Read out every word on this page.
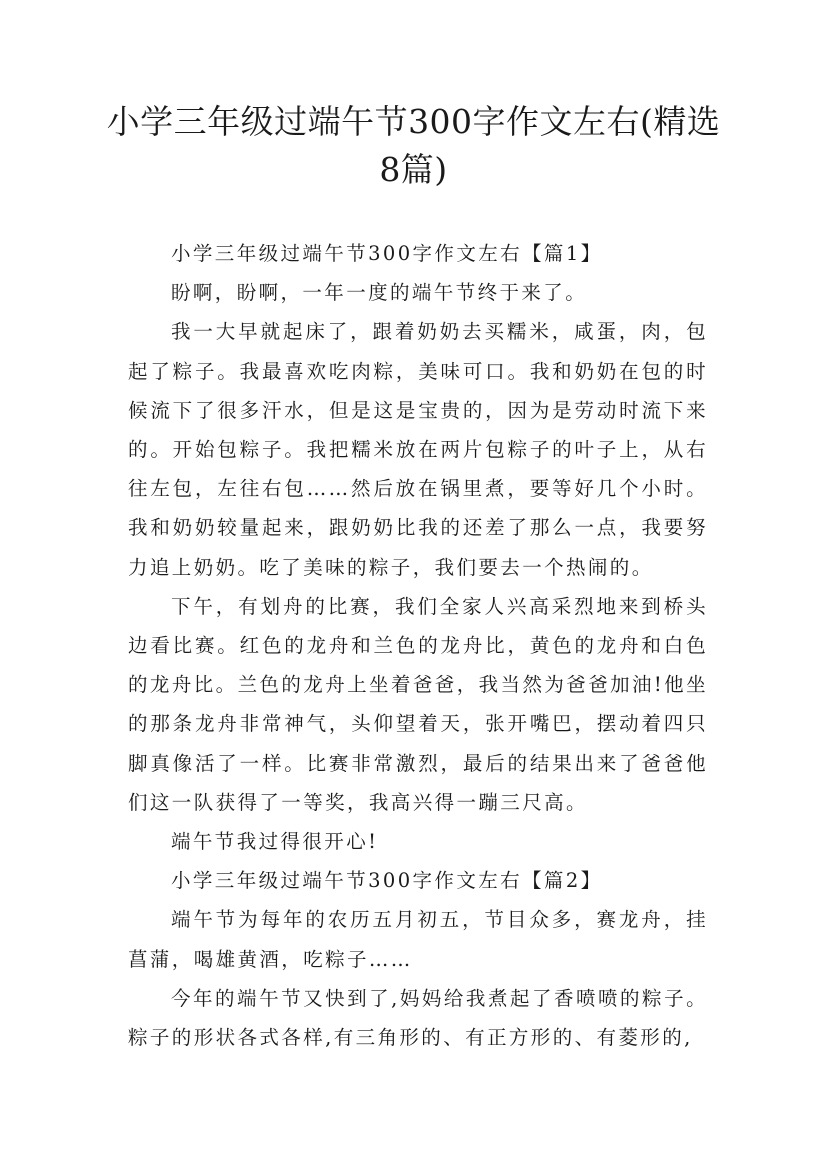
小学三年级过端午节300字作文左右(精选8篇)

小学三年级过端午节300字作文左右【篇1】

盼啊，盼啊，一年一度的端午节终于来了。

我一大早就起床了，跟着奶奶去买糯米，咸蛋，肉，包起了粽子。我最喜欢吃肉粽，美味可口。我和奶奶在包的时候流下了很多汗水，但是这是宝贵的，因为是劳动时流下来的。开始包粽子。我把糯米放在两片包粽子的叶子上，从右往左包，左往右包……然后放在锅里煮，要等好几个小时。我和奶奶较量起来，跟奶奶比我的还差了那么一点，我要努力追上奶奶。吃了美味的粽子，我们要去一个热闹的。

下午，有划舟的比赛，我们全家人兴高采烈地来到桥头边看比赛。红色的龙舟和兰色的龙舟比，黄色的龙舟和白色的龙舟比。兰色的龙舟上坐着爸爸，我当然为爸爸加油!他坐的那条龙舟非常神气，头仰望着天，张开嘴巴，摆动着四只脚真像活了一样。比赛非常激烈，最后的结果出来了爸爸他们这一队获得了一等奖，我高兴得一蹦三尺高。

端午节我过得很开心!

小学三年级过端午节300字作文左右【篇2】

端午节为每年的农历五月初五，节目众多，赛龙舟，挂菖蒲，喝雄黄酒，吃粽子……

今年的端午节又快到了,妈妈给我煮起了香喷喷的粽子。粽子的形状各式各样,有三角形的、有正方形的、有菱形的,
